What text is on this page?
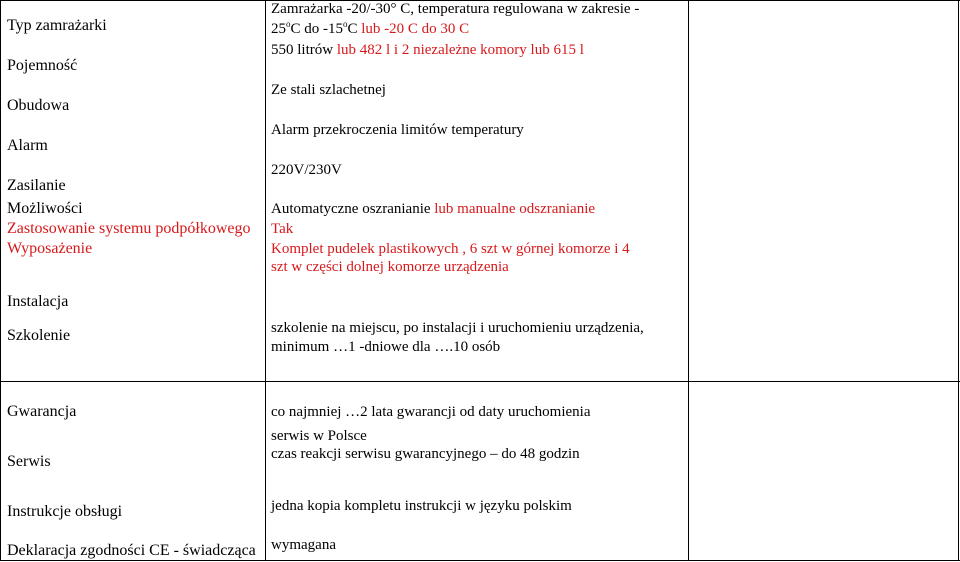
Typ zamrażarki
Pojemność
Obudowa
Alarm
Zasilanie
Możliwości
Zastosowanie systemu podpółkowego
Wyposażenie
Instalacja
Szkolenie
Gwarancja
Serwis
Instrukcje obsługi
Deklaracja zgodności CE - świadcząca
Zamrażarka -20/-30° C, temperatura regulowana w zakresie -
25$^o$C do -15$^o$C lub -20 C do 30 C
550 litrów lub 482 l i 2 niezależne komory lub 615 l
Ze stali szlachetnej
Alarm przekroczenia limitów temperatury
220V/230V
Automatyczne oszranianie lub manualne odszranianie
Tak
Komplet pudelek plastikowych , 6 szt w górnej komorze i 4
szt w części dolnej komorze urządzenia
szkolenie na miejscu, po instalacji i uruchomieniu urządzenia,
minimum …1 -dniowe dla ….10 osób
co najmniej …2 lata gwarancji od daty uruchomienia
serwis w Polsce
czas reakcji serwisu gwarancyjnego – do 48 godzin
jedna kopia kompletu instrukcji w języku polskim
wymagana
